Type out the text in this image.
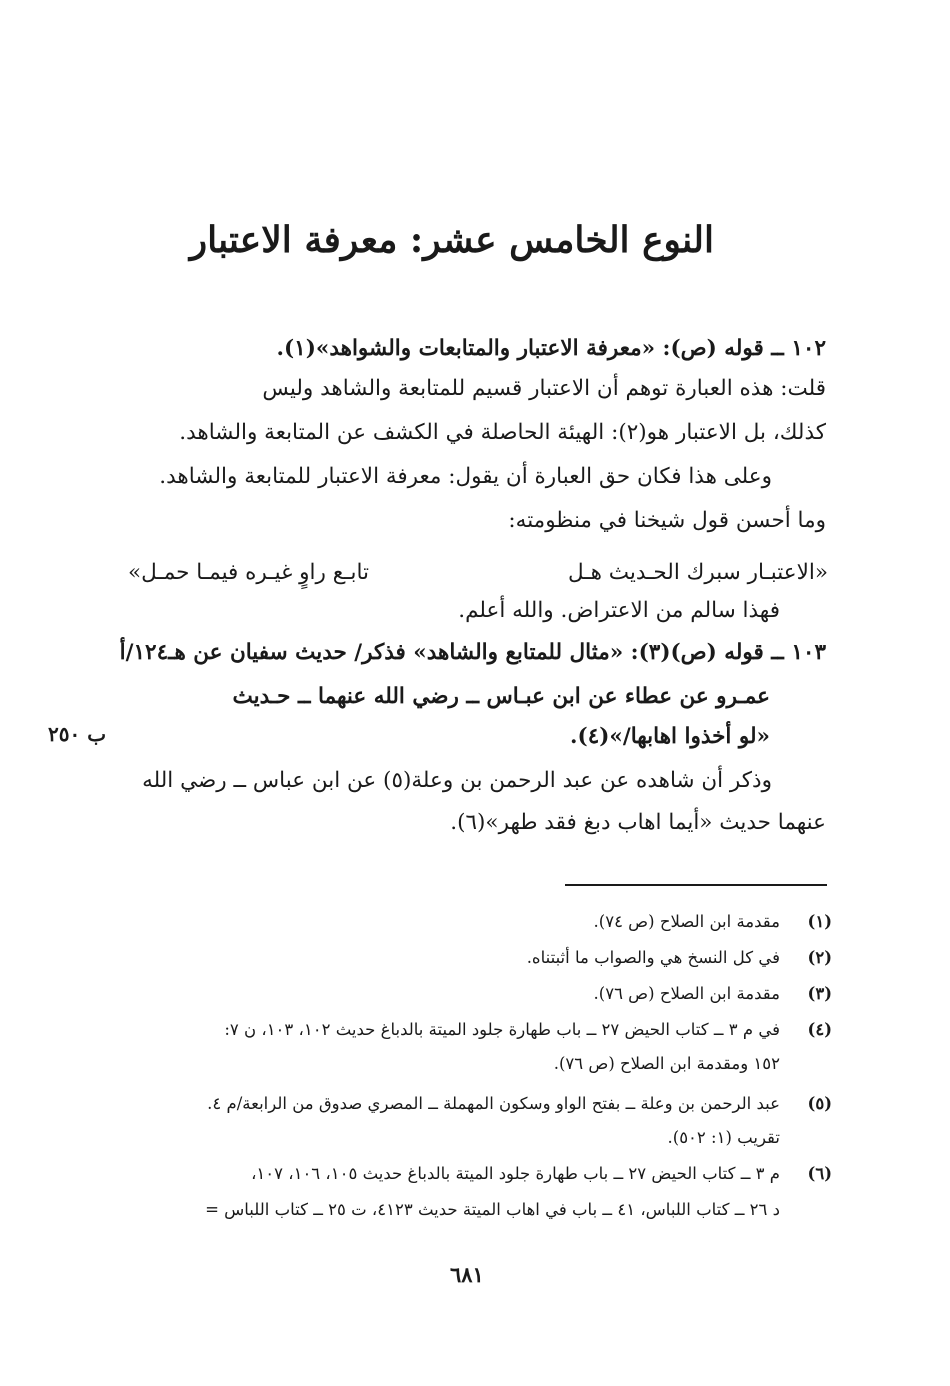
النوع الخامس عشر: معرفة الاعتبار
١٠٢ ــ قوله (ص): «معرفة الاعتبار والمتابعات والشواهد»(١).
قلت: هذه العبارة توهم أن الاعتبار قسيم للمتابعة والشاهد وليس
كذلك، بل الاعتبار هو(٢): الهيئة الحاصلة في الكشف عن المتابعة والشاهد.
وعلى هذا فكان حق العبارة أن يقول: معرفة الاعتبار للمتابعة والشاهد.
وما أحسن قول شيخنا في منظومته:
«الاعتبـار سبرك الحـديث هـل
تابـع راوٍ غيـره فيمـا حمـل»
فهذا سالم من الاعتراض. والله أعلم.
١٠٣ ــ قوله (ص)(٣): «مثال للمتابع والشاهد» فذكر/ حديث سفيان عن هـ١٢٤/أ
عمـرو عن عطاء عن ابن عبـاس ــ رضي الله عنهما ــ حـديث
«لو أخذوا اهابها/»(٤).
ب ٢٥٠
وذكر أن شاهده عن عبد الرحمن بن وعلة(٥) عن ابن عباس ــ رضي الله
عنهما حديث «أيما اهاب دبغ فقد طهر»(٦).
(١)
مقدمة ابن الصلاح (ص ٧٤).
(٢)
في كل النسخ هي والصواب ما أثبتناه.
(٣)
مقدمة ابن الصلاح (ص ٧٦).
(٤)
في م ٣ ــ كتاب الحيض ٢٧ ــ باب طهارة جلود الميتة بالدباغ حديث ١٠٢، ١٠٣، ن ٧:
١٥٢ ومقدمة ابن الصلاح (ص ٧٦).
(٥)
عبد الرحمن بن وعلة ــ بفتح الواو وسكون المهملة ــ المصري صدوق من الرابعة/م ٤.
تقريب (١: ٥٠٢).
(٦)
م ٣ ــ كتاب الحيض ٢٧ ــ باب طهارة جلود الميتة بالدباغ حديث ١٠٥، ١٠٦، ١٠٧،
د ٢٦ ــ كتاب اللباس، ٤١ ــ باب في اهاب الميتة حديث ٤١٢٣، ت ٢٥ ــ كتاب اللباس =
٦٨١
